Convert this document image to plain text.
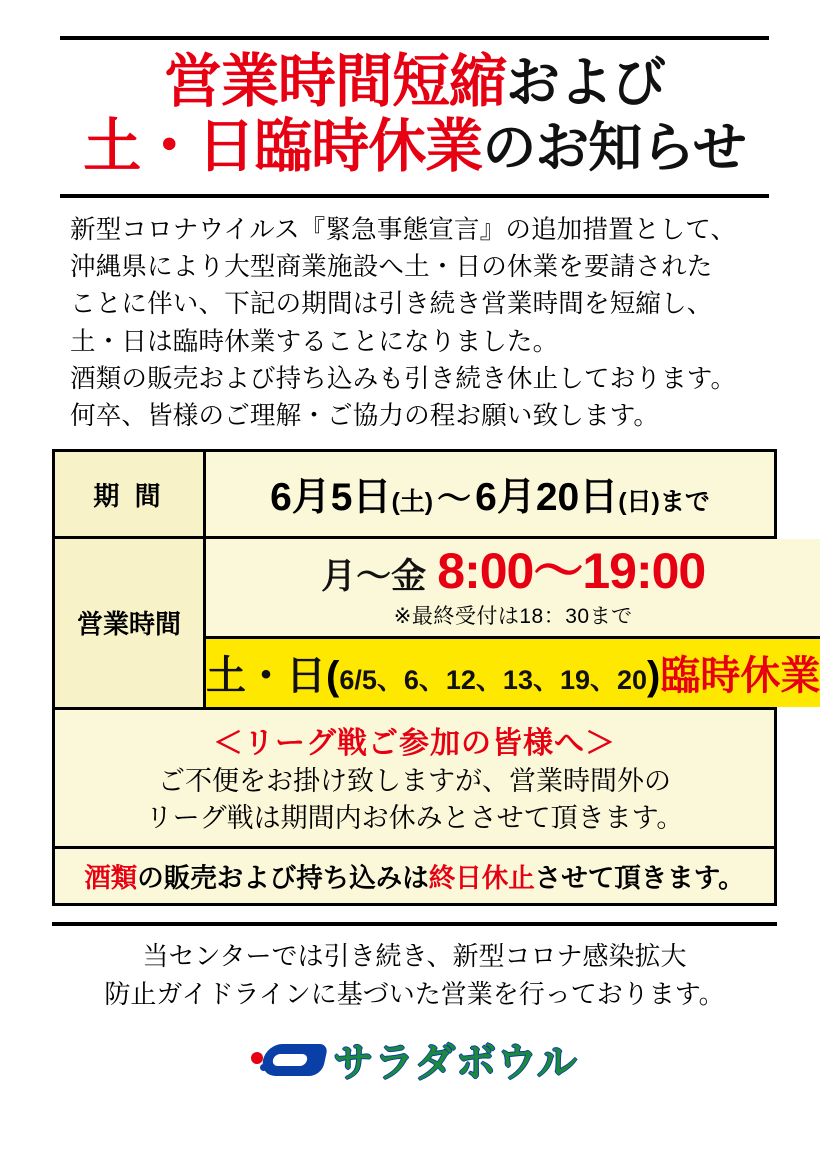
営業時間短縮および
土・日臨時休業のお知らせ

新型コロナウイルス『緊急事態宣言』の追加措置として、

沖縄県により大型商業施設へ土・日の休業を要請された

ことに伴い、下記の期間は引き続き営業時間を短縮し、

土・日は臨時休業することになりました。

酒類の販売および持ち込みも引き続き休止しております。

何卒、皆様のご理解・ご協力の程お願い致します。

期 間	6月5日(土) 〜 6月20日(日)まで
営業時間
月〜金 8:00〜19:00
※最終受付は18：30まで
土・日(6/5、6、12、13、19、20)臨時休業
＜リーグ戦ご参加の皆様へ＞
ご不便をお掛け致しますが、営業時間外の
リーグ戦は期間内お休みとさせて頂きます。
酒類の販売および持ち込みは終日休止させて頂きます。

当センターでは引き続き、新型コロナ感染拡大

防止ガイドラインに基づいた営業を行っております。

サラダボウル
